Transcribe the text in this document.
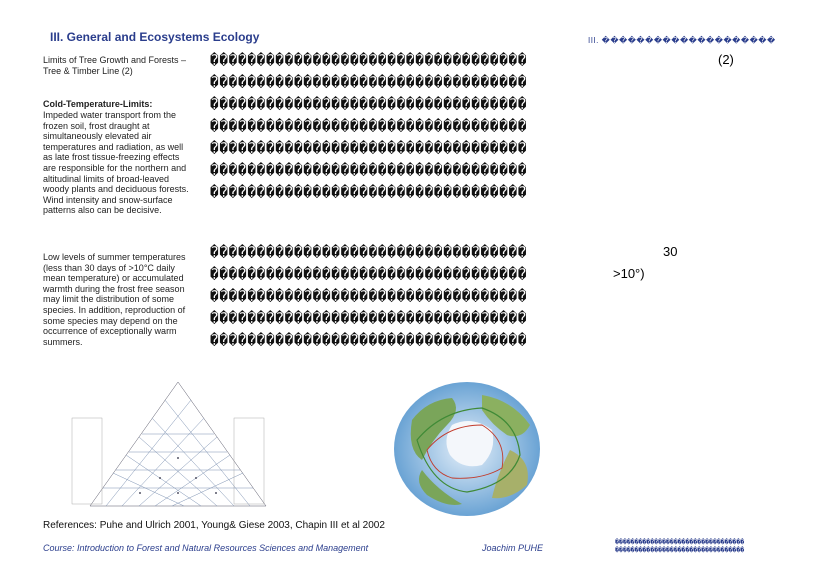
III. General and Ecosystems Ecology	III. ��������������������
Limits of Tree Growth and Forests – Tree & Timber Line (2)
Cold-Temperature-Limits:
Impeded water transport from the frozen soil, frost draught at simultaneously elevated air temperatures and radiation, as well as late frost tissue-freezing effects are responsible for the northern and altitudinal limits of broad-leaved woody plants and deciduous forests. Wind intensity and snow-surface patterns also can be decisive.
Low levels of summer temperatures (less than 30 days of >10°C daily mean temperature) or accumulated warmth during the frost free season may limit the distribution of some species. In addition, reproduction of some species may depend on the occurrence of exceptionally warm summers.
����������������������������������
����������������������������������
����������������������������������
����������������������������������
����������������������������������
����������������������������������
����������������������������������
(2)
����������������������������������
����������������������������������
����������������������������������
����������������������������������
����������������������������������
30
>10°)
References: Puhe and Ulrich 2001, Young& Giese 2003, Chapin III et al 2002
Course: Introduction to Forest and Natural Resources Sciences and Management	Joachim PUHE
���������������������������������
���������������������������������
